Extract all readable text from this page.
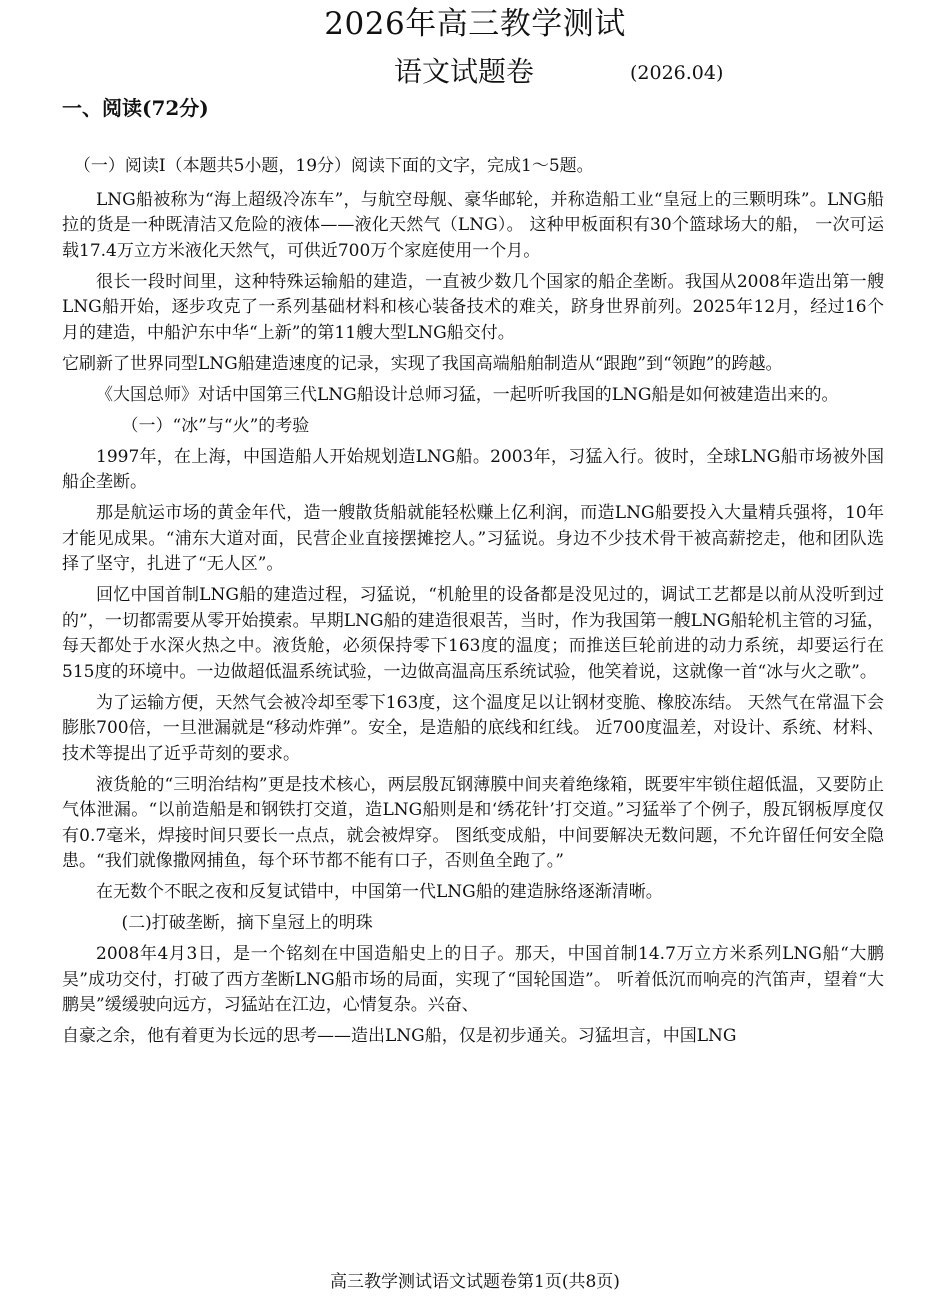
2026年高三教学测试
语文试题卷	(2026.04)
一、阅读(72分)

（一）阅读I（本题共5小题，19分）阅读下面的文字，完成1～5题。

LNG船被称为“海上超级冷冻车”，与航空母舰、豪华邮轮，并称造船工业“皇冠上的三颗明珠”。LNG船拉的货是一种既清洁又危险的液体——液化天然气（LNG）。 这种甲板面积有30个篮球场大的船， 一次可运载17.4万立方米液化天然气，可供近700万个家庭使用一个月。

很长一段时间里，这种特殊运输船的建造，一直被少数几个国家的船企垄断。我国从2008年造出第一艘LNG船开始，逐步攻克了一系列基础材料和核心装备技术的难关，跻身世界前列。2025年12月，经过16个月的建造，中船沪东中华“上新”的第11艘大型LNG船交付。

它刷新了世界同型LNG船建造速度的记录，实现了我国高端船舶制造从“跟跑”到“领跑”的跨越。

《大国总师》对话中国第三代LNG船设计总师习猛，一起听听我国的LNG船是如何被建造出来的。

（一）“冰”与“火”的考验

1997年，在上海，中国造船人开始规划造LNG船。2003年，习猛入行。彼时，全球LNG船市场被外国船企垄断。

那是航运市场的黄金年代，造一艘散货船就能轻松赚上亿利润，而造LNG船要投入大量精兵强将，10年才能见成果。“浦东大道对面，民营企业直接摆摊挖人。”习猛说。身边不少技术骨干被高薪挖走，他和团队选择了坚守，扎进了“无人区”。

回忆中国首制LNG船的建造过程，习猛说，“机舱里的设备都是没见过的，调试工艺都是以前从没听到过的”，一切都需要从零开始摸索。早期LNG船的建造很艰苦，当时，作为我国第一艘LNG船轮机主管的习猛，每天都处于水深火热之中。液货舱，必须保持零下163度的温度；而推送巨轮前进的动力系统，却要运行在515度的环境中。一边做超低温系统试验，一边做高温高压系统试验，他笑着说，这就像一首“冰与火之歌”。

为了运输方便，天然气会被冷却至零下163度，这个温度足以让钢材变脆、橡胶冻结。 天然气在常温下会膨胀700倍，一旦泄漏就是“移动炸弹”。安全，是造船的底线和红线。 近700度温差，对设计、系统、材料、技术等提出了近乎苛刻的要求。

液货舱的“三明治结构”更是技术核心，两层殷瓦钢薄膜中间夹着绝缘箱，既要牢牢锁住超低温，又要防止气体泄漏。“以前造船是和钢铁打交道，造LNG船则是和‘绣花针’打交道。”习猛举了个例子，殷瓦钢板厚度仅有0.7毫米，焊接时间只要长一点点，就会被焊穿。 图纸变成船，中间要解决无数问题，不允许留任何安全隐患。“我们就像撒网捕鱼，每个环节都不能有口子，否则鱼全跑了。”

在无数个不眠之夜和反复试错中，中国第一代LNG船的建造脉络逐渐清晰。

(二)打破垄断，摘下皇冠上的明珠

2008年4月3日，是一个铭刻在中国造船史上的日子。那天，中国首制14.7万立方米系列LNG船“大鹏昊”成功交付，打破了西方垄断LNG船市场的局面，实现了“国轮国造”。 听着低沉而响亮的汽笛声，望着“大鹏昊”缓缓驶向远方，习猛站在江边，心情复杂。兴奋、

自豪之余，他有着更为长远的思考——造出LNG船，仅是初步通关。习猛坦言，中国LNG

高三教学测试语文试题卷第1页(共8页)
